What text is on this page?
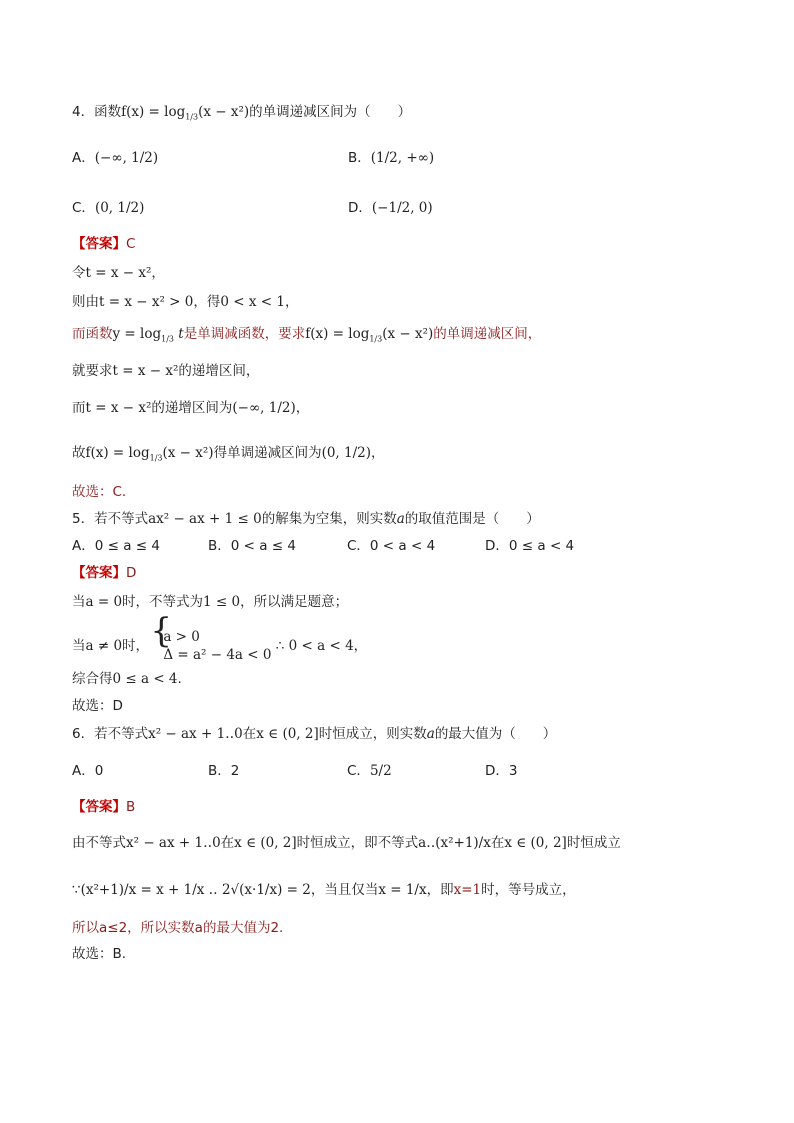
4．函数$f(x) = \log_{1/3}(x - x^2)$的单调递减区间为（　　）
A．(−∞, 1/2)	B．(1/2, +∞)
C．(0, 1/2)	D．(−1/2, 0)
【答案】C
令t = x − x²，
则由t = x − x² > 0，得0 < x < 1，
而函数$y = \log_{1/3} t$是单调减函数，要求$f(x) = \log_{1/3}(x - x^2)$的单调递减区间，
就要求t = x − x²的递增区间，
而t = x − x²的递增区间为(−∞, 1/2)，
故$f(x) = \log_{1/3}(x - x^2)$得单调递减区间为(0, 1/2)，
故选：C.
5．若不等式ax² − ax + 1 ≤ 0的解集为空集，则实数a的取值范围是（　　）
A．0 ≤ a ≤ 4	B．0 < a ≤ 4	C．0 < a < 4	D．0 ≤ a < 4
【答案】D
当a = 0时，不等式为1 ≤ 0，所以满足题意；
当a ≠ 0时，
{ a > 0
Δ = a² − 4a < 0
∴ 0 < a < 4，
综合得0 ≤ a < 4.
故选：D
6．若不等式x² − ax + 1‥0在x ∈ (0, 2]时恒成立，则实数a的最大值为（　　）
A．0	B．2	C．5/2	D．3
【答案】B
由不等式x² − ax + 1‥0在x ∈ (0, 2]时恒成立，即不等式a‥(x²+1)/x在x ∈ (0, 2]时恒成立
∵(x²+1)/x = x + 1/x ‥ 2√(x·1/x) = 2，当且仅当x = 1/x，即x=1时，等号成立，
所以a≤2，所以实数a的最大值为2.
故选：B.
